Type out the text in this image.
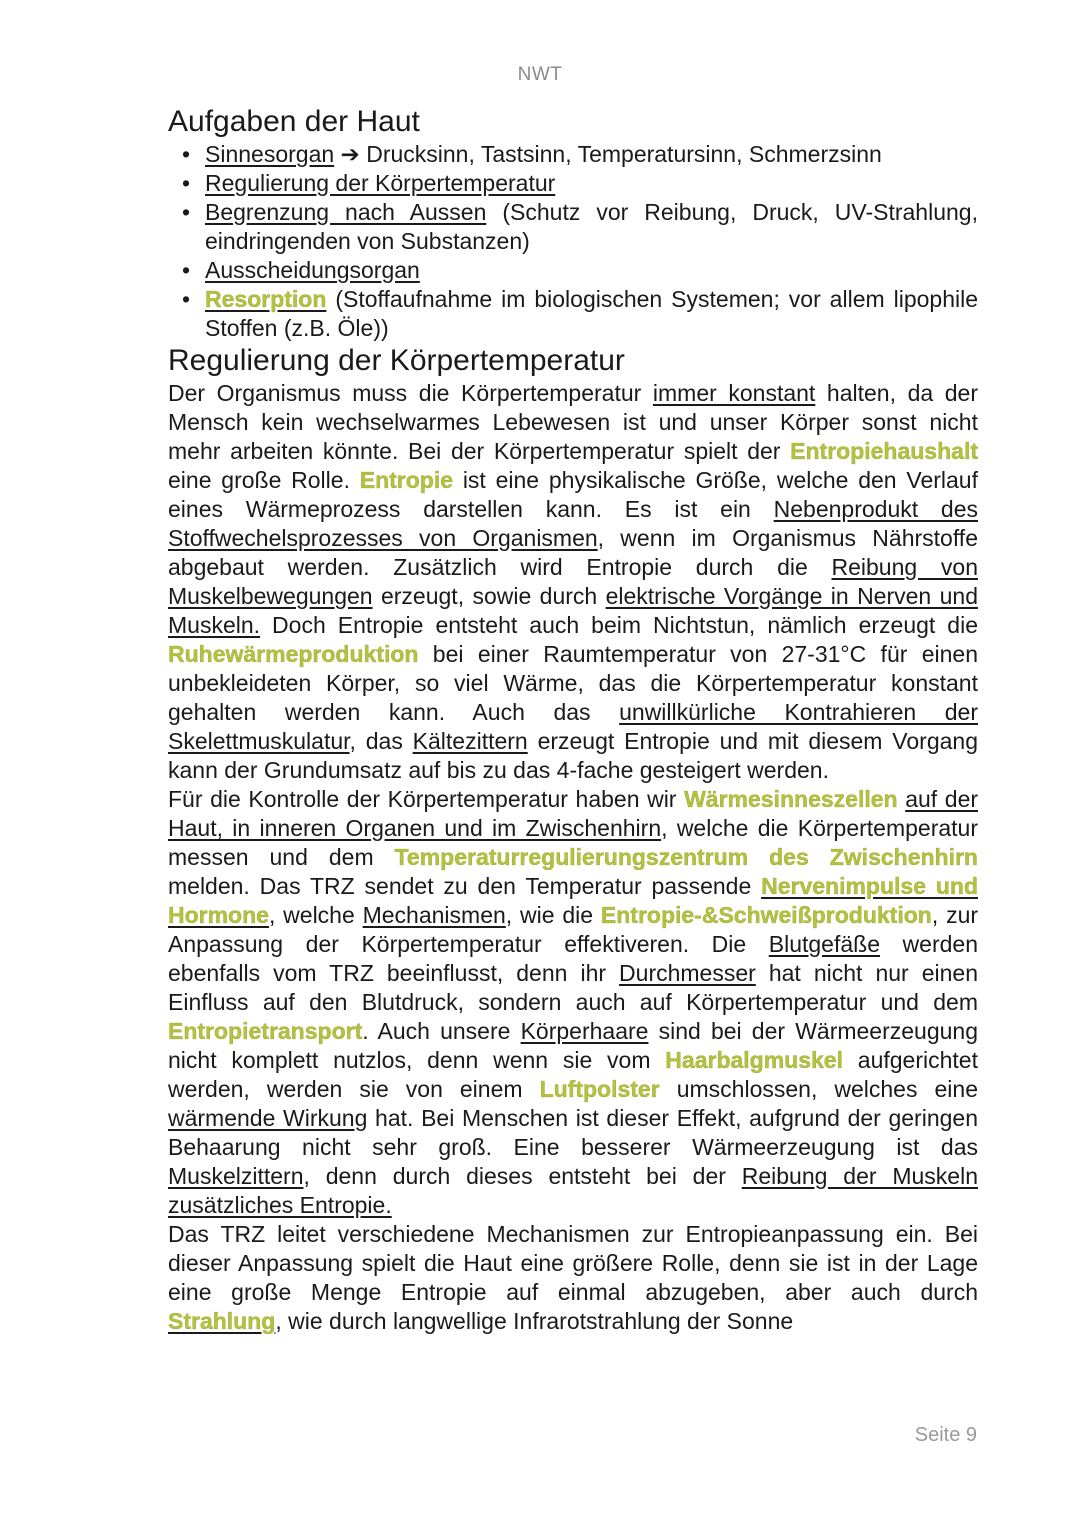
NWT
Aufgaben der Haut
• Sinnesorgan ➔ Drucksinn, Tastsinn, Temperatursinn, Schmerzsinn
• Regulierung der Körpertemperatur
• Begrenzung nach Aussen (Schutz vor Reibung, Druck, UV-Strahlung, eindringenden von Substanzen)
• Ausscheidungsorgan
• Resorption (Stoffaufnahme im biologischen Systemen; vor allem lipophile Stoffen (z.B. Öle))
Regulierung der Körpertemperatur

Der Organismus muss die Körpertemperatur immer konstant halten, da der Mensch kein wechselwarmes Lebewesen ist und unser Körper sonst nicht mehr arbeiten könnte. Bei der Körpertemperatur spielt der Entropiehaushalt eine große Rolle. Entropie ist eine physikalische Größe, welche den Verlauf eines Wärmeprozess darstellen kann. Es ist ein Nebenprodukt des Stoffwechelsprozesses von Organismen, wenn im Organismus Nährstoffe abgebaut werden. Zusätzlich wird Entropie durch die Reibung von Muskelbewegungen erzeugt, sowie durch elektrische Vorgänge in Nerven und Muskeln. Doch Entropie entsteht auch beim Nichtstun, nämlich erzeugt die Ruhewärmeproduktion bei einer Raumtemperatur von 27-31°C für einen unbekleideten Körper, so viel Wärme, das die Körpertemperatur konstant gehalten werden kann. Auch das unwillkürliche Kontrahieren der Skelettmuskulatur, das Kältezittern erzeugt Entropie und mit diesem Vorgang kann der Grundumsatz auf bis zu das 4-fache gesteigert werden.

Für die Kontrolle der Körpertemperatur haben wir Wärmesinneszellen auf der Haut, in inneren Organen und im Zwischenhirn, welche die Körpertemperatur messen und dem Temperaturregulierungszentrum des Zwischenhirn melden. Das TRZ sendet zu den Temperatur passende Nervenimpulse und Hormone, welche Mechanismen, wie die Entropie-&Schweißproduktion, zur Anpassung der Körpertemperatur effektiveren. Die Blutgefäße werden ebenfalls vom TRZ beeinflusst, denn ihr Durchmesser hat nicht nur einen Einfluss auf den Blutdruck, sondern auch auf Körpertemperatur und dem Entropietransport. Auch unsere Körperhaare sind bei der Wärmeerzeugung nicht komplett nutzlos, denn wenn sie vom Haarbalgmuskel aufgerichtet werden, werden sie von einem Luftpolster umschlossen, welches eine wärmende Wirkung hat. Bei Menschen ist dieser Effekt, aufgrund der geringen Behaarung nicht sehr groß. Eine besserer Wärmeerzeugung ist das Muskelzittern, denn durch dieses entsteht bei der Reibung der Muskeln zusätzliches Entropie.

Das TRZ leitet verschiedene Mechanismen zur Entropieanpassung ein. Bei dieser Anpassung spielt die Haut eine größere Rolle, denn sie ist in der Lage eine große Menge Entropie auf einmal abzugeben, aber auch durch Strahlung, wie durch langwellige Infrarotstrahlung der Sonne

Seite 9
